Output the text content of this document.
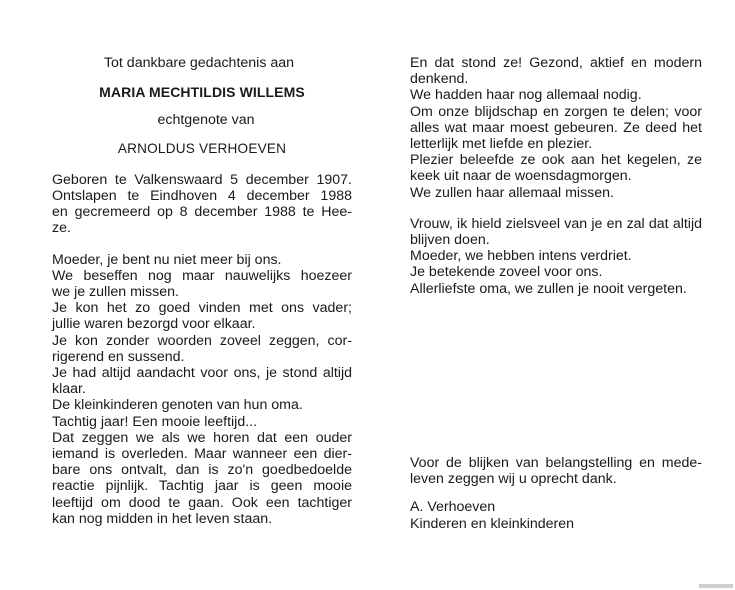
Tot dankbare gedachtenis aan
MARIA MECHTILDIS WILLEMS
echtgenote van
ARNOLDUS VERHOEVEN
Geboren te Valkenswaard 5 december 1907.
Ontslapen te Eindhoven 4 december 1988
en gecremeerd op 8 december 1988 te Hee-
ze.
Moeder, je bent nu niet meer bij ons.
We beseffen nog maar nauwelijks hoezeer
we je zullen missen.
Je kon het zo goed vinden met ons vader;
jullie waren bezorgd voor elkaar.
Je kon zonder woorden zoveel zeggen, cor-
rigerend en sussend.
Je had altijd aandacht voor ons, je stond altijd
klaar.
De kleinkinderen genoten van hun oma.
Tachtig jaar! Een mooie leeftijd...
Dat zeggen we als we horen dat een ouder
iemand is overleden. Maar wanneer een dier-
bare ons ontvalt, dan is zo'n goedbedoelde
reactie pijnlijk. Tachtig jaar is geen mooie
leeftijd om dood te gaan. Ook een tachtiger
kan nog midden in het leven staan.
En dat stond ze! Gezond, aktief en modern
denkend.
We hadden haar nog allemaal nodig.
Om onze blijdschap en zorgen te delen; voor
alles wat maar moest gebeuren. Ze deed het
letterlijk met liefde en plezier.
Plezier beleefde ze ook aan het kegelen, ze
keek uit naar de woensdagmorgen.
We zullen haar allemaal missen.
Vrouw, ik hield zielsveel van je en zal dat altijd
blijven doen.
Moeder, we hebben intens verdriet.
Je betekende zoveel voor ons.
Allerliefste oma, we zullen je nooit vergeten.
Voor de blijken van belangstelling en mede-
leven zeggen wij u oprecht dank.
A. Verhoeven
Kinderen en kleinkinderen
